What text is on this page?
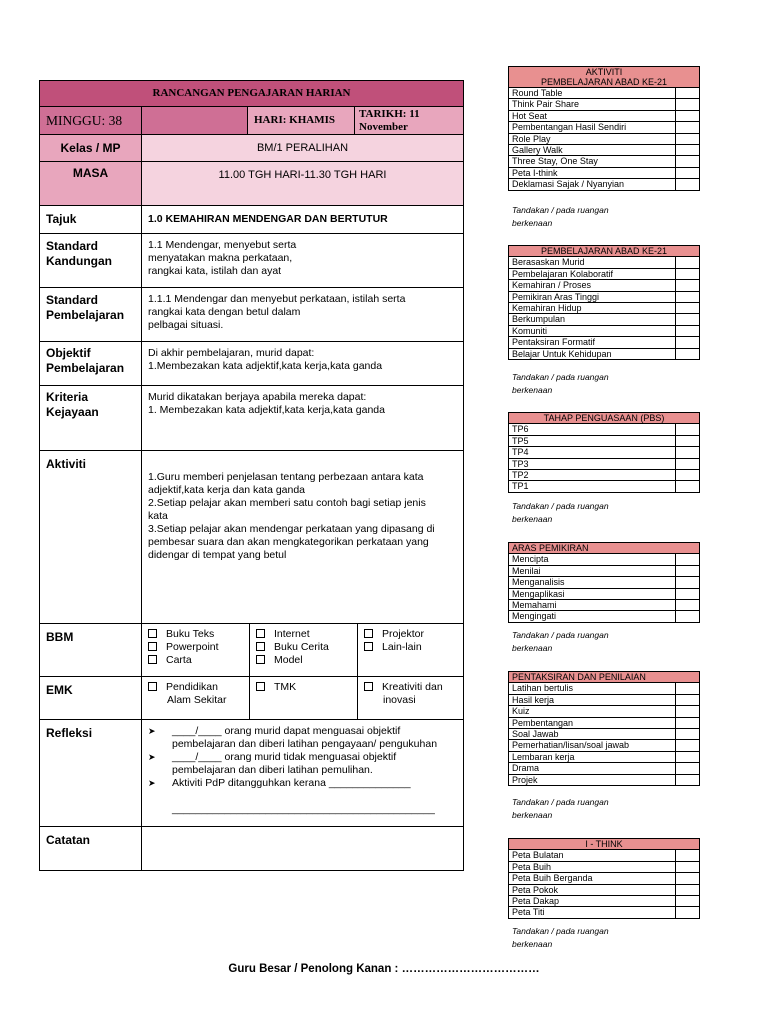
RANCANGAN PENGAJARAN HARIAN
MINGGU: 38		HARI: KHAMIS	TARIKH: 11 November
Kelas / MP	BM/1 PERALIHAN
MASA	11.00 TGH HARI-11.30 TGH HARI
Tajuk	1.0 KEMAHIRAN MENDENGAR DAN BERTUTUR

Standard
Kandungan

1.1 Mendengar, menyebut serta
menyatakan makna perkataan,
rangkai kata, istilah dan ayat

Standard
Pembelajaran

1.1.1 Mendengar dan menyebut perkataan, istilah serta
rangkai kata dengan betul dalam
pelbagai situasi.

Objektif
Pembelajaran

Di akhir pembelajaran, murid dapat:
1.Membezakan kata adjektif,kata kerja,kata ganda

Kriteria
Kejayaan

Murid dikatakan berjaya apabila mereka dapat:
1. Membezakan kata adjektif,kata kerja,kata ganda

Aktiviti	
1.Guru memberi penjelasan tentang perbezaan antara kata
adjektif,kata kerja dan kata ganda
2.Setiap pelajar akan memberi satu contoh bagi setiap jenis
kata
3.Setiap pelajar akan mendengar perkataan yang dipasang di
pembesar suara dan akan mengkategorikan perkataan yang
didengar di tempat yang betul

BBM		Buku Teks
Powerpoint
Carta

Internet
Buku Cerita
Model

Projektor
Lain-lain

EMK		Pendidikan
Alam Sekitar

TMK	Kreativiti dan
inovasi

Refleksi	➤ ____/____ orang murid dapat menguasai objektif
pembelajaran dan diberi latihan pengayaan/ pengukuhan
➤ ____/____ orang murid tidak menguasai objektif
pembelajaran dan diberi latihan pemulihan.
➤ Aktiviti PdP ditangguhkan kerana ______________
_____________________________________________

Catatan	
AKTIVITI
PEMBELAJARAN ABAD KE-21	

Round Table	
Think Pair Share	
Hot Seat	
Pembentangan Hasil Sendiri	
Role Play	
Gallery Walk	
Three Stay, One Stay	
Peta I-think	
Deklamasi Sajak / Nyanyian	
Tandakan / pada ruangan
berkenaan
PEMBELAJARAN ABAD KE-21	
Berasaskan Murid	
Pembelajaran Kolaboratif	
Kemahiran / Proses	
Pemikiran Aras Tinggi	
Kemahiran Hidup	
Berkumpulan	
Komuniti	
Pentaksiran Formatif	
Belajar Untuk Kehidupan	
Tandakan / pada ruangan
berkenaan
TAHAP PENGUASAAN (PBS)	
TP6	
TP5	
TP4	
TP3	
TP2	
TP1	
Tandakan / pada ruangan
berkenaan
ARAS PEMIKIRAN	
Mencipta	
Menilai	
Menganalisis	
Mengaplikasi	
Memahami	
Mengingati	
Tandakan / pada ruangan
berkenaan
PENTAKSIRAN DAN PENILAIAN	
Latihan bertulis	
Hasil kerja	
Kuiz	
Pembentangan	
Soal Jawab	
Pemerhatian/lisan/soal jawab	
Lembaran kerja	
Drama	
Projek	
Tandakan / pada ruangan
berkenaan
I - THINK	
Peta Bulatan	
Peta Buih	
Peta Buih Berganda	
Peta Pokok	
Peta Dakap	
Peta Titi	
Tandakan / pada ruangan
berkenaan
Guru Besar / Penolong Kanan : ………………………………
